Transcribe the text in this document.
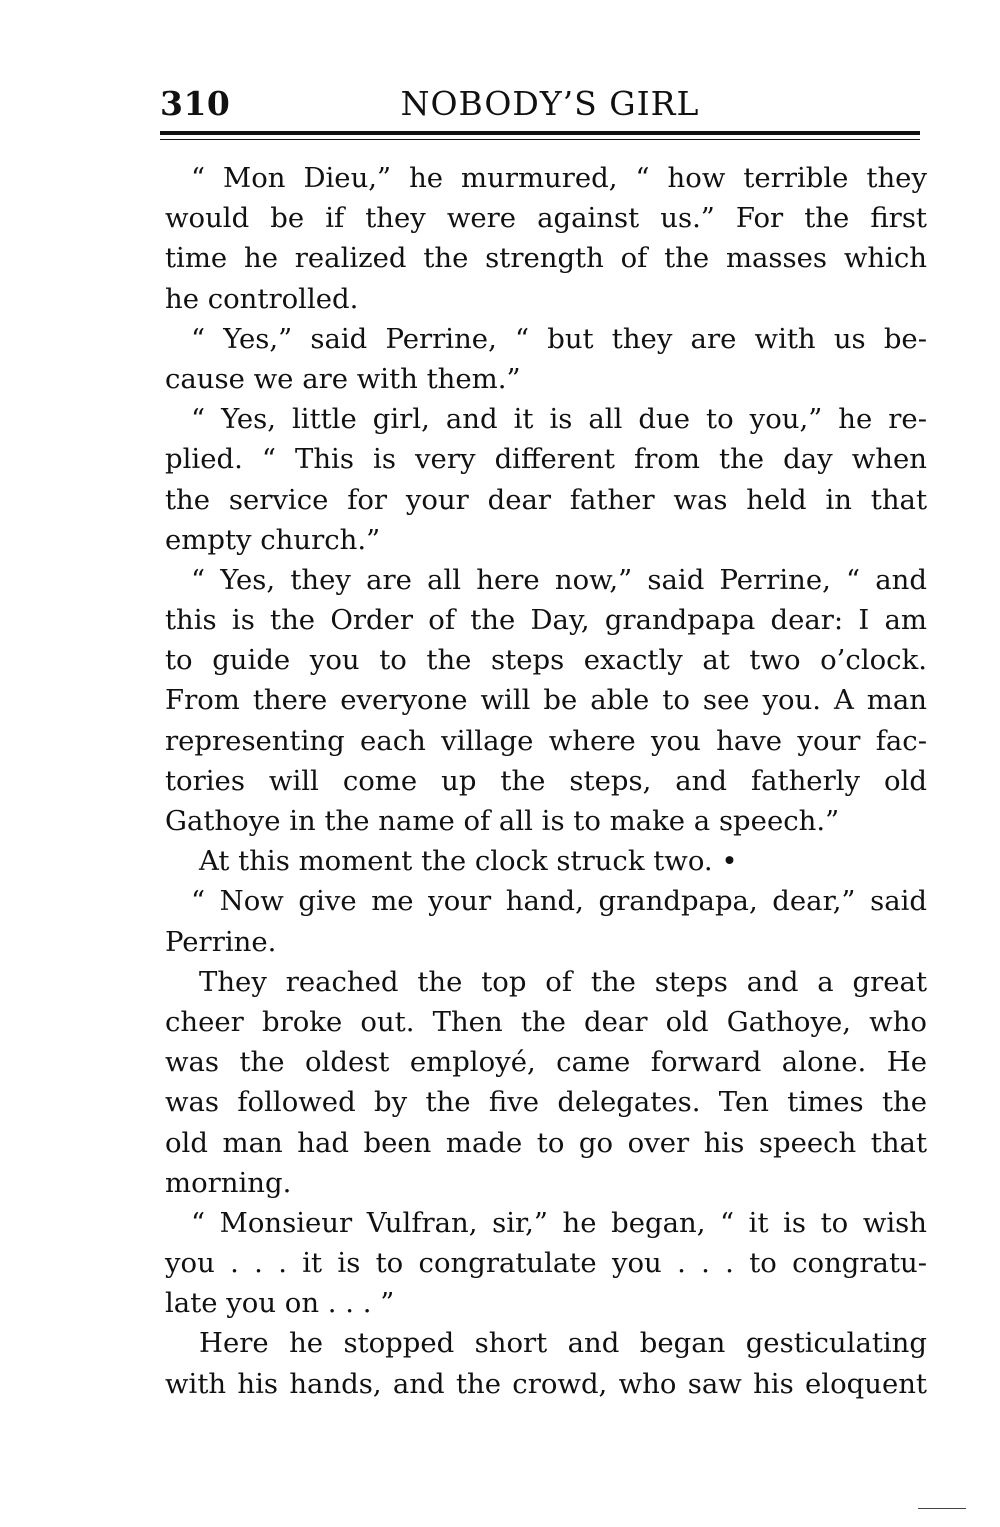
310	NOBODY’S GIRL
“ Mon Dieu,” he murmured, “ how terrible they
would be if they were against us.” For the first
time he realized the strength of the masses which
he controlled.
“ Yes,” said Perrine, “ but they are with us be-
cause we are with them.”
“ Yes, little girl, and it is all due to you,” he re-
plied. “ This is very different from the day when
the service for your dear father was held in that
empty church.”
“ Yes, they are all here now,” said Perrine, “ and
this is the Order of the Day, grandpapa dear: I am
to guide you to the steps exactly at two o’clock.
From there everyone will be able to see you. A man
representing each village where you have your fac-
tories will come up the steps, and fatherly old
Gathoye in the name of all is to make a speech.”
At this moment the clock struck two. •
“ Now give me your hand, grandpapa, dear,” said
Perrine.
They reached the top of the steps and a great
cheer broke out. Then the dear old Gathoye, who
was the oldest employé, came forward alone. He
was followed by the five delegates. Ten times the
old man had been made to go over his speech that
morning.
“ Monsieur Vulfran, sir,” he began, “ it is to wish
you . . . it is to congratulate you . . . to congratu-
late you on . . . ”
Here he stopped short and began gesticulating
with his hands, and the crowd, who saw his eloquent
